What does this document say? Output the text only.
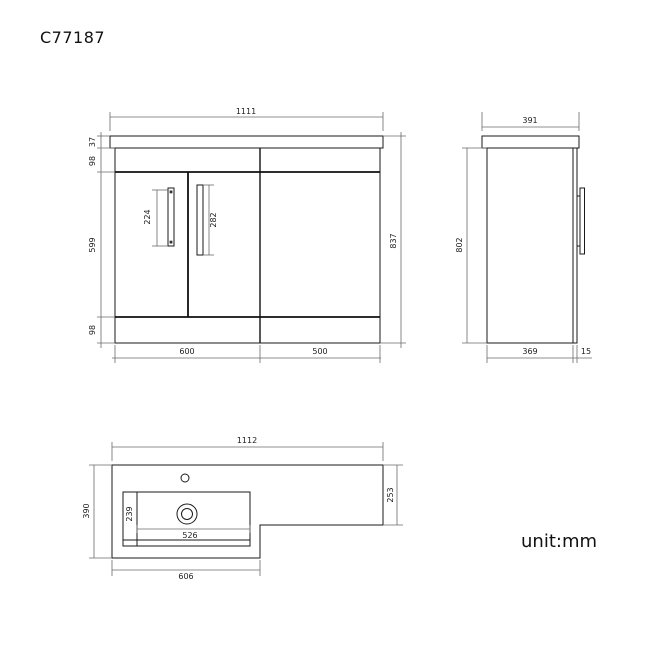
C77187
1111
37
98
599
98
837
224	282
600	500
391
802
369	15
1112
390
253
239
526
606
unit:mm
